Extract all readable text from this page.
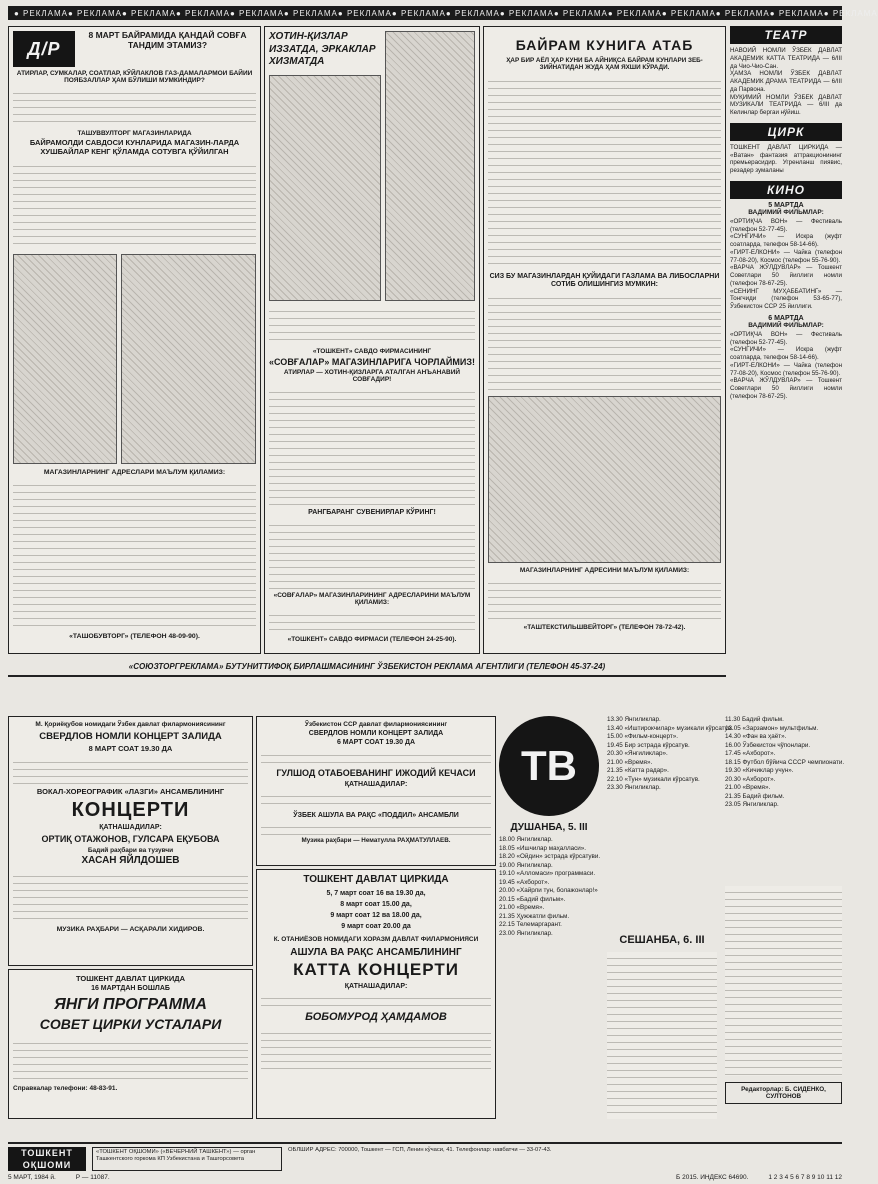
● РЕКЛАМА ● РЕКЛАМА ● РЕКЛАМА ● РЕКЛАМА ● РЕКЛАМА ● РЕКЛАМА ● РЕКЛАМА ● РЕКЛАМА ● РЕКЛАМА ● РЕКЛАМА ● РЕКЛАМА ● РЕКЛАМА ● РЕКЛАМА ● РЕКЛАМА ● РЕКЛАМА ● РЕКЛАМА
Д/Р
8 МАРТ БАЙРАМИДА ҚАНДАЙ СОВҒА ТАНДИМ ЭТАМИЗ?
АТИРЛАР, СУМКАЛАР, СОАТЛАР, КЎЙЛАКЛОВ ГАЗ-ДАМАЛАРМОИ БАЙИИ ПОЯБЗАЛЛАР ҲАМ БЎЛИШИ МУМКИНДИР?
ТАШУВВУЛТОРГ МАГАЗИНЛАРИДА
БАЙРАМОЛДИ САВДОСИ КУНЛАРИДА МАГАЗИН-ЛАРДА ХУШБАЙЛАР КЕНГ ҚЎЛАМДА СОТУВГА ҚЎЙИЛГАН
МАГАЗИНЛАРНИНГ АДРЕСЛАРИ МАЪЛУМ ҚИЛАМИЗ:
«ТАШОБУВТОРГ» (ТЕЛЕФОН 48-09-90).
ХОТИН-ҚИЗЛАР ИЗЗАТДА, ЭРКАКЛАР ХИЗМАТДА
«ТОШКЕНТ» САВДО ФИРМАСИНИНГ
«СОВҒАЛАР» МАГАЗИНЛАРИГА ЧОРЛАЙМИЗ!
АТИРЛАР — ХОТИН-ҚИЗЛАРГА АТАЛГАН АНЪАНАВИЙ СОВҒАДИР!
РАНГБАРАНГ СУВЕНИРЛАР КЎРИНГ!
«СОВҒАЛАР» МАГАЗИНЛАРИНИНГ АДРЕСЛАРИНИ МАЪЛУМ ҚИЛАМИЗ:
«ТОШКЕНТ» САВДО ФИРМАСИ (ТЕЛЕФОН 24-25-90).
БАЙРАМ КУНИГА АТАБ
ҲАР БИР АЁЛ ҲАР КУНИ БА АЙНИҚСА БАЙРАМ КУНЛАРИ ЗЕБ-ЗИЙНАТИДАН ЖУДА ҲАМ ЯХШИ КЎРАДИ.
СИЗ БУ МАГАЗИНЛАРДАН ҚУЙИДАГИ ГАЗЛАМА ВА ЛИБОСЛАРНИ СОТИБ ОЛИШИНГИЗ МУМКИН:
МАГАЗИНЛАРНИНГ АДРЕСИНИ МАЪЛУМ ҚИЛАМИЗ:
«ТАШТЕКСТИЛЬШВЕЙТОРГ» (ТЕЛЕФОН 78-72-42).
«СОЮЗТОРГРЕКЛАМА» БУТУНИТТИФОҚ БИРЛАШМАСИНИНГ ЎЗБЕКИСТОН РЕКЛАМА АГЕНТЛИГИ (ТЕЛЕФОН 45-37-24)
ТЕАТР
НАВОИЙ НОМЛИ ЎЗБЕК ДАВЛАТ АКАДЕМИК КАТТА ТЕАТРИДА — 6/III да Чио-Чио-Сан.
ҲАМЗА НОМЛИ ЎЗБЕК ДАВЛАТ АКАДЕМИК ДРАМА ТЕАТРИДА — 6/III да Парвона.
МУҚИМИЙ НОМЛИ ЎЗБЕК ДАВЛАТ МУЗИКАЛИ ТЕАТРИДА — 6/III да Келинлар бергаи нўйиш.
ЦИРК
ТОШКЕНТ ДАВЛАТ ЦИРКИДА — «Ватан» фантазия аттракционининг премьерасидир. Угренланш пиявис, резадер зумаланы
КИНО
5 МАРТДА
ВАДИМИЙ ФИЛЬМЛАР:
«ОРТИҚЧА ВОН» — Фестиваль (телефон 52-77-45).
«СУНГИЧИ» — Искра (жуфт соатларда, телефон 58-14-66).
«ГИРТ-ЕЛКОНИ» — Чайка (телефон 77-08-20), Космос (телефон 55-76-90).
«ВАРЧА ЖЎЛДУВЛАР» — Тошкент Советлари 50 йиллиги номли (телефон 78-67-25).
«СЕНИНГ МУҲАББАТИНГ» — Тонгчиди (телефон 53-65-77), Ўзбекистон ССР 25 йиллиги.
6 МАРТДА
ВАДИМИЙ ФИЛЬМЛАР:
«ОРТИҚЧА ВОН» — Фестиваль (телефон 52-77-45).
«СУНГИЧИ» — Искра (жуфт соатларда, телефон 58-14-66).
«ГИРТ-ЕЛКОНИ» — Чайка (телефон 77-08-20), Космос (телефон 55-76-90).
«ВАРЧА ЖЎЛДУВЛАР» — Тошкент Советлари 50 йиллиги номли (телефон 78-67-25).
М. Қориёқубов номидаги Ўзбек давлат филармониясининг
СВЕРДЛОВ НОМЛИ КОНЦЕРТ ЗАЛИДА
8 МАРТ СОАТ 19.30 ДА
ВОКАЛ-ХОРЕОГРАФИК «ЛАЗГИ» АНСАМБЛИНИНГ
КОНЦЕРТИ
ҚАТНАШАДИЛАР:
ОРТИҚ ОТАЖОНОВ, ГУЛСАРА ЕҚУБОВА
Бадий раҳбари ва тузувчи
ХАСАН ЯЙЛДОШЕВ
МУЗИКА РАҲБАРИ — АСҚАРАЛИ ХИДИРОВ.
ТОШКЕНТ ДАВЛАТ ЦИРКИДА
16 МАРТДАН БОШЛАБ
ЯНГИ ПРОГРАММА
СОВЕТ ЦИРКИ УСТАЛАРИ
Справкалар телефони: 48-83-91.
Ўзбекистон ССР давлат филармониясининг
СВЕРДЛОВ НОМЛИ КОНЦЕРТ ЗАЛИДА
6 МАРТ СОАТ 19.30 ДА
ГУЛШОД ОТАБОЕВАНИНГ ИЖОДИЙ КЕЧАСИ
ҚАТНАШАДИЛАР:
ЎЗБЕК АШУЛА ВА РАҚС «ПОДДИЛ» АНСАМБЛИ
Музика раҳбари — Нематулла РАҲМАТУЛЛАЕВ.
ТОШКЕНТ ДАВЛАТ ЦИРКИДА
5, 7 март соат 16 ва 19.30 да,
8 март соат 15.00 да,
9 март соат 12 ва 18.00 да,
9 март соат 20.00 да
К. ОТАНИЁЗОВ НОМИДАГИ ХОРАЗМ ДАВЛАТ ФИЛАРМОНИЯСИ
АШУЛА ВА РАҚС АНСАМБЛИНИНГ
КАТТА КОНЦЕРТИ
ҚАТНАШАДИЛАР:
БОБОМУРОД ҲАМДАМОВ
ТВ
ДУШАНБА, 5. III
18.00 Янгиликлар.
18.05 «Ишчилар маҳалласи».
18.20 «Ойдин» эстрада кўрсатуви.
19.00 Янгиликлар.
19.10 «Алломаси» программаси.
19.45 «Ахборот».
20.00 «Хайрли тун, болажонлар!»
20.15 «Бадий фильм».
21.00 «Время».
21.35 Ҳужжатли фильм.
22.15 Телемаргарант.
23.00 Янгиликлар.
13.30 Янгиликлар.
13.40 «Иштирокчилар» музикали кўрсатув.
15.00 «Фильм-концерт».
19.45 Бир эстрада кўрсатув.
20.30 «Янгиликлар».
21.00 «Время».
21.35 «Катта радар».
22.10 «Тун» музикали кўрсатув.
23.30 Янгиликлар.
СЕШАНБА, 6. III
11.30 Бадий фильм.
13.05 «Зарзамон» мультфильм.
14.30 «Фан ва ҳаёт».
16.00 Ўзбекистон чўпонлари.
17.45 «Ахборот».
18.15 Футбол бўйича СССР чемпионати.
19.30 «Кичиклар учун».
20.30 «Ахборот».
21.00 «Время».
21.35 Бадий фильм.
23.05 Янгиликлар.
Редакторлар: Б. СИДЕНКО, СУЛТОНОВ
ТОШКЕНТ ОҚШОМИ
«ТОШКЕНТ ОҚШОМИ» («ВЕЧЕРНИЙ ТАШКЕНТ») — орган Ташкентского горкома КП Узбекистана и Ташгорсовета
ОБЛШИР АДРЕС: 700000, Тошкент — ГСП, Ленин кўчаси, 41. Телефонлар: навбатчи — 33-07-43.
5 МАРТ, 1984 й.	Р — 11087.	Б 2015. ИНДЕКС 64690.	1 2 3 4 5 6 7 8 9 10 11 12
